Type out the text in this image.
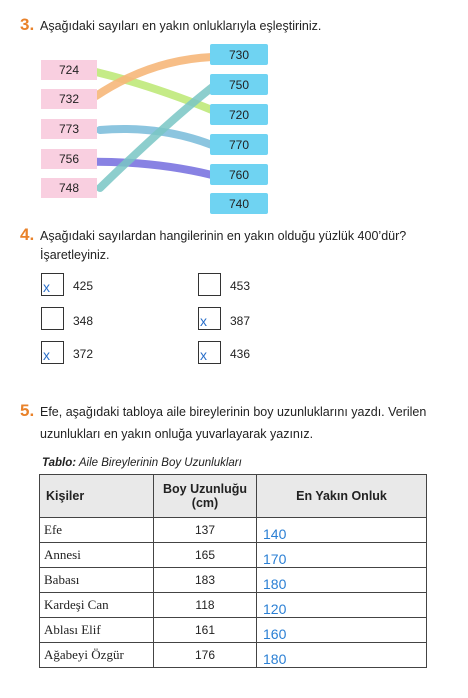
3. Aşağıdaki sayıları en yakın onluklarıyla eşleştiriniz.
724
732
773
756
748
730
750
720
770
760
740
4. Aşağıdaki sayılardan hangilerinin en yakın olduğu yüzlük 400’dür?
İşaretleyiniz.
x 425
348
x 372
453
x 387
x 436
5. Efe, aşağıdaki tabloya aile bireylerinin boy uzunluklarını yazdı. Verilen
uzunlukları en yakın onluğa yuvarlayarak yazınız.
Tablo: Aile Bireylerinin Boy Uzunlukları
Kişiler	Boy Uzunluğu (cm)	En Yakın Onluk
Efe	137	140
Annesi	165	170
Babası	183	180
Kardeşi Can	118	120
Ablası Elif	161	160
Ağabeyi Özgür	176	180
